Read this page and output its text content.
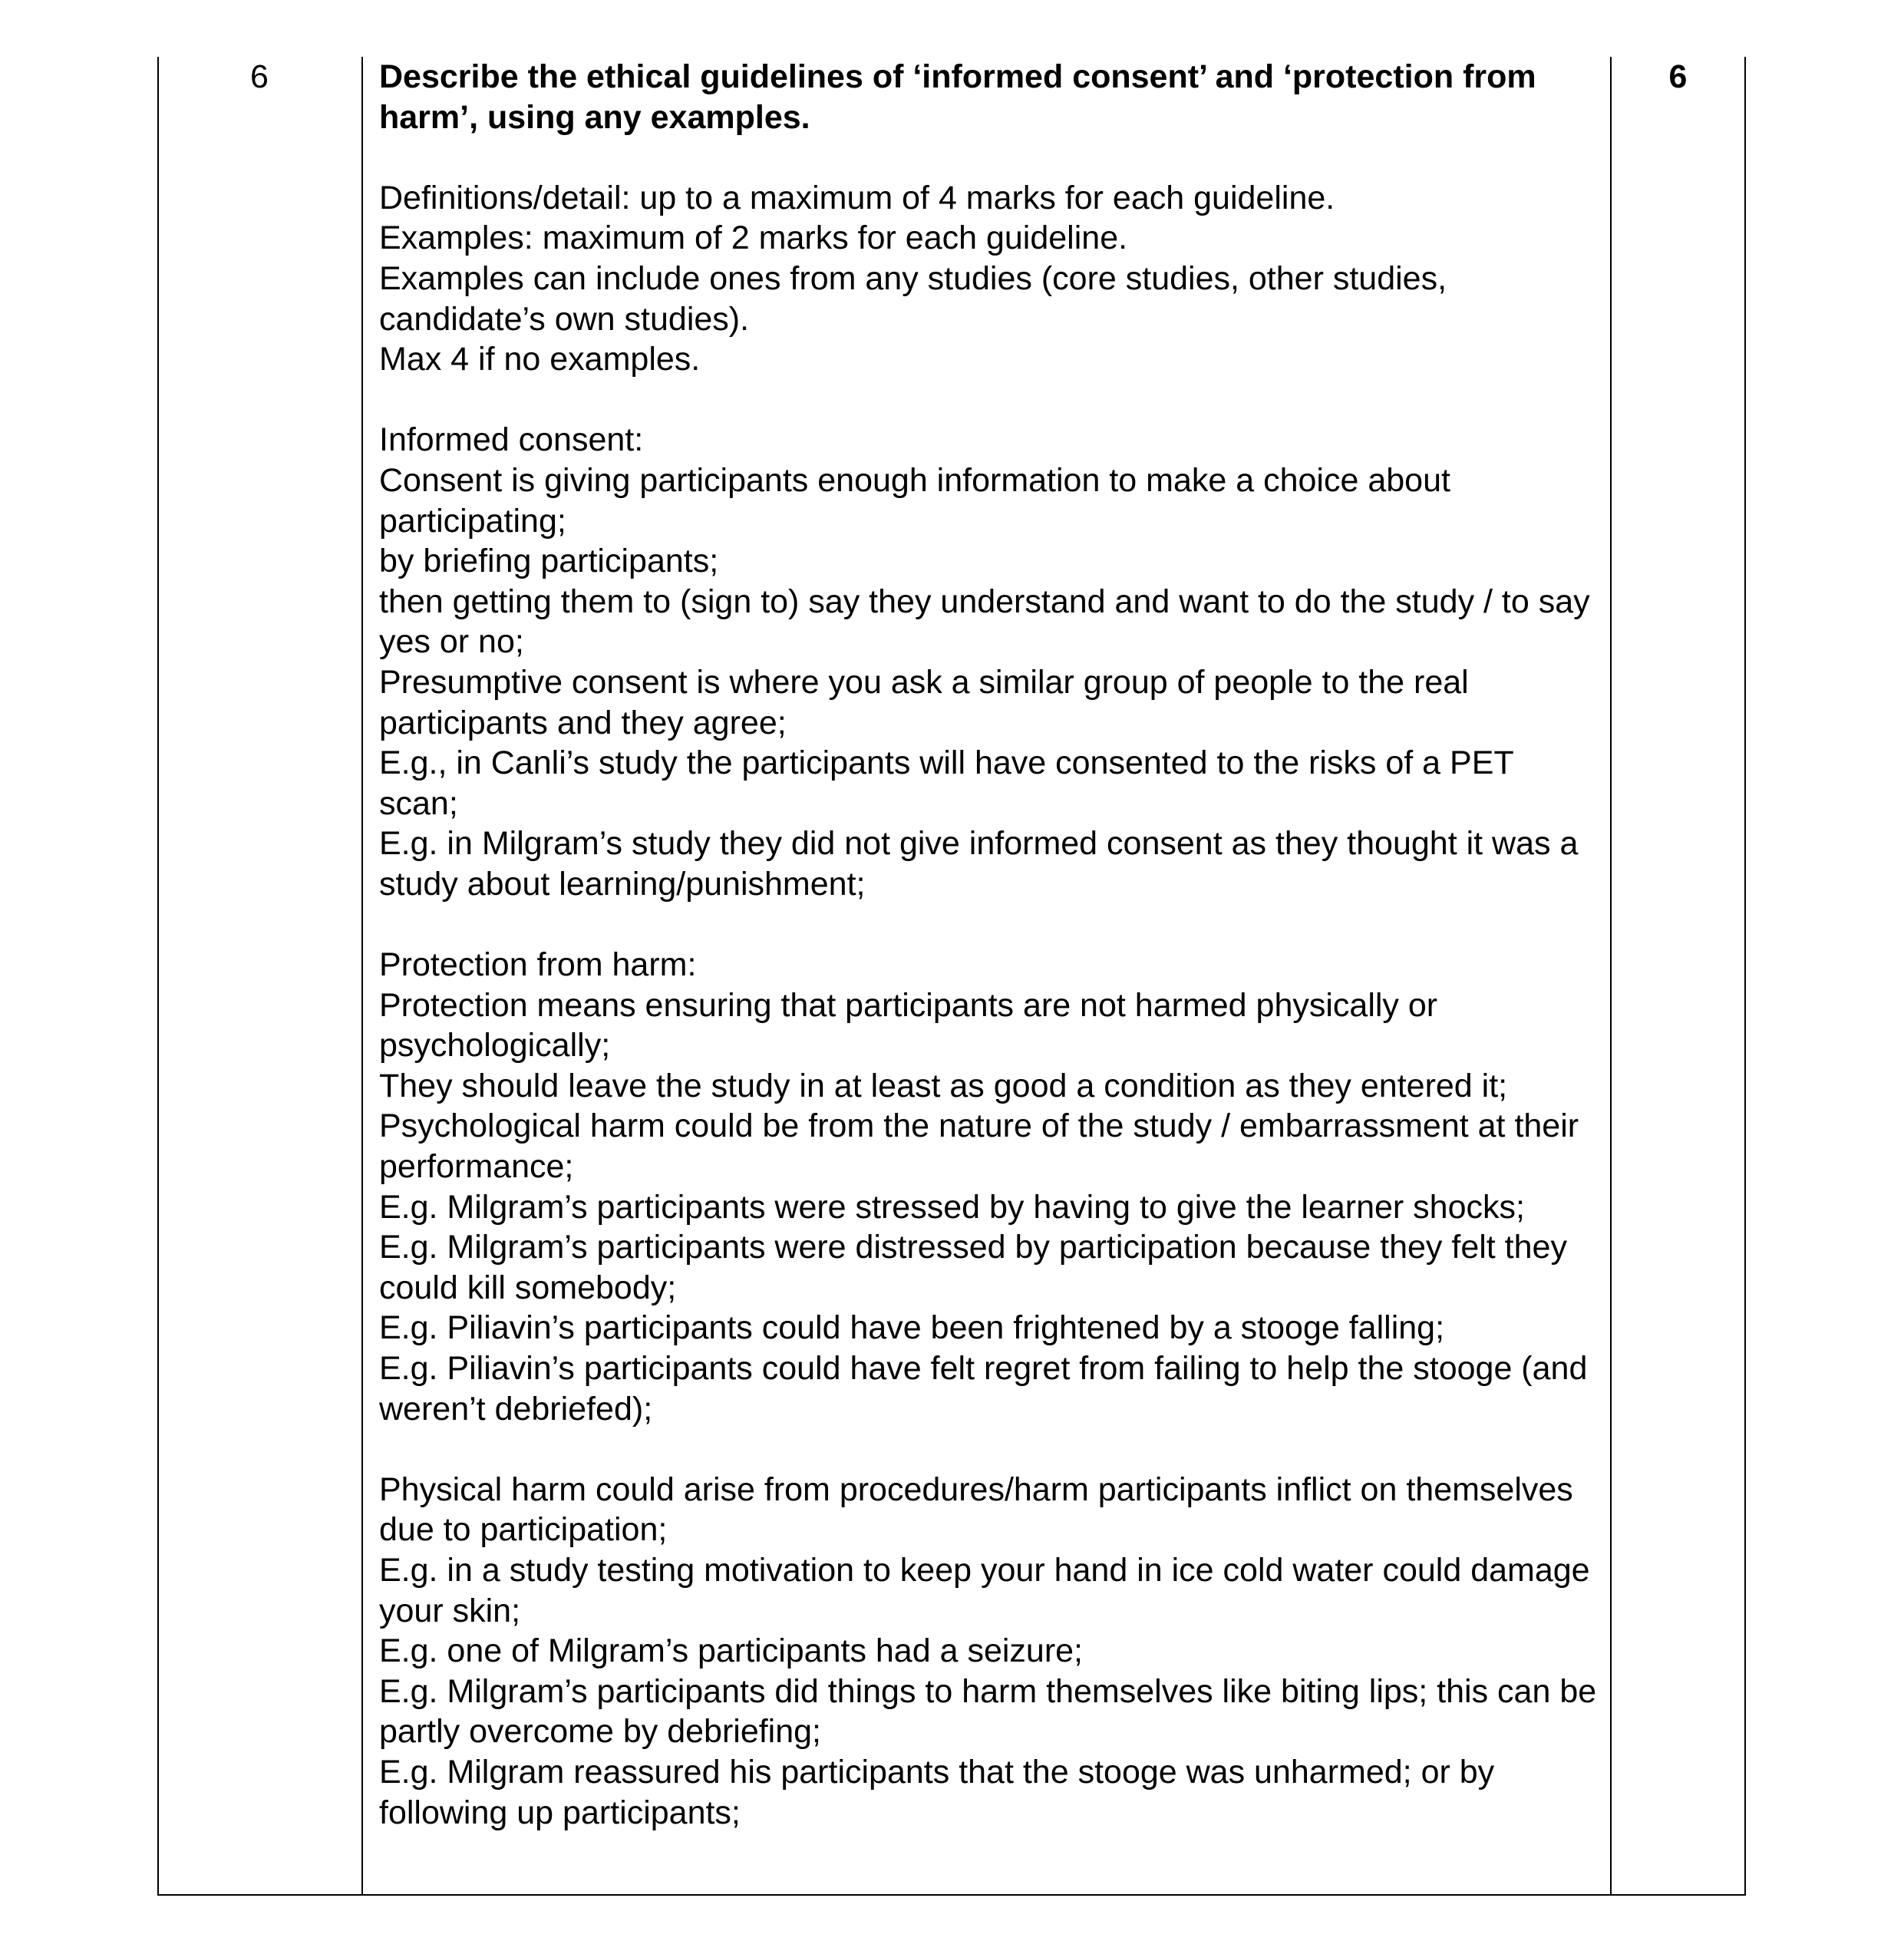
6	Describe the ethical guidelines of ‘informed consent’ and ‘protection from harm’, using any examples.

Definitions/detail: up to a maximum of 4 marks for each guideline.
Examples: maximum of 2 marks for each guideline.
Examples can include ones from any studies (core studies, other studies, candidate’s own studies).
Max 4 if no examples.
Informed consent:
Consent is giving participants enough information to make a choice about participating;
by briefing participants;
then getting them to (sign to) say they understand and want to do the study / to say yes or no;
Presumptive consent is where you ask a similar group of people to the real participants and they agree;
E.g., in Canli’s study the participants will have consented to the risks of a PET scan;
E.g. in Milgram’s study they did not give informed consent as they thought it was a study about learning/punishment;
Protection from harm:
Protection means ensuring that participants are not harmed physically or psychologically;
They should leave the study in at least as good a condition as they entered it;
Psychological harm could be from the nature of the study / embarrassment at their performance;
E.g. Milgram’s participants were stressed by having to give the learner shocks;
E.g. Milgram’s participants were distressed by participation because they felt they could kill somebody;
E.g. Piliavin’s participants could have been frightened by a stooge falling;
E.g. Piliavin’s participants could have felt regret from failing to help the stooge (and weren’t debriefed);
Physical harm could arise from procedures/harm participants inflict on themselves due to participation;
E.g. in a study testing motivation to keep your hand in ice cold water could damage your skin;
E.g. one of Milgram’s participants had a seizure;
E.g. Milgram’s participants did things to harm themselves like biting lips; this can be partly overcome by debriefing;
E.g. Milgram reassured his participants that the stooge was unharmed; or by following up participants;
6
